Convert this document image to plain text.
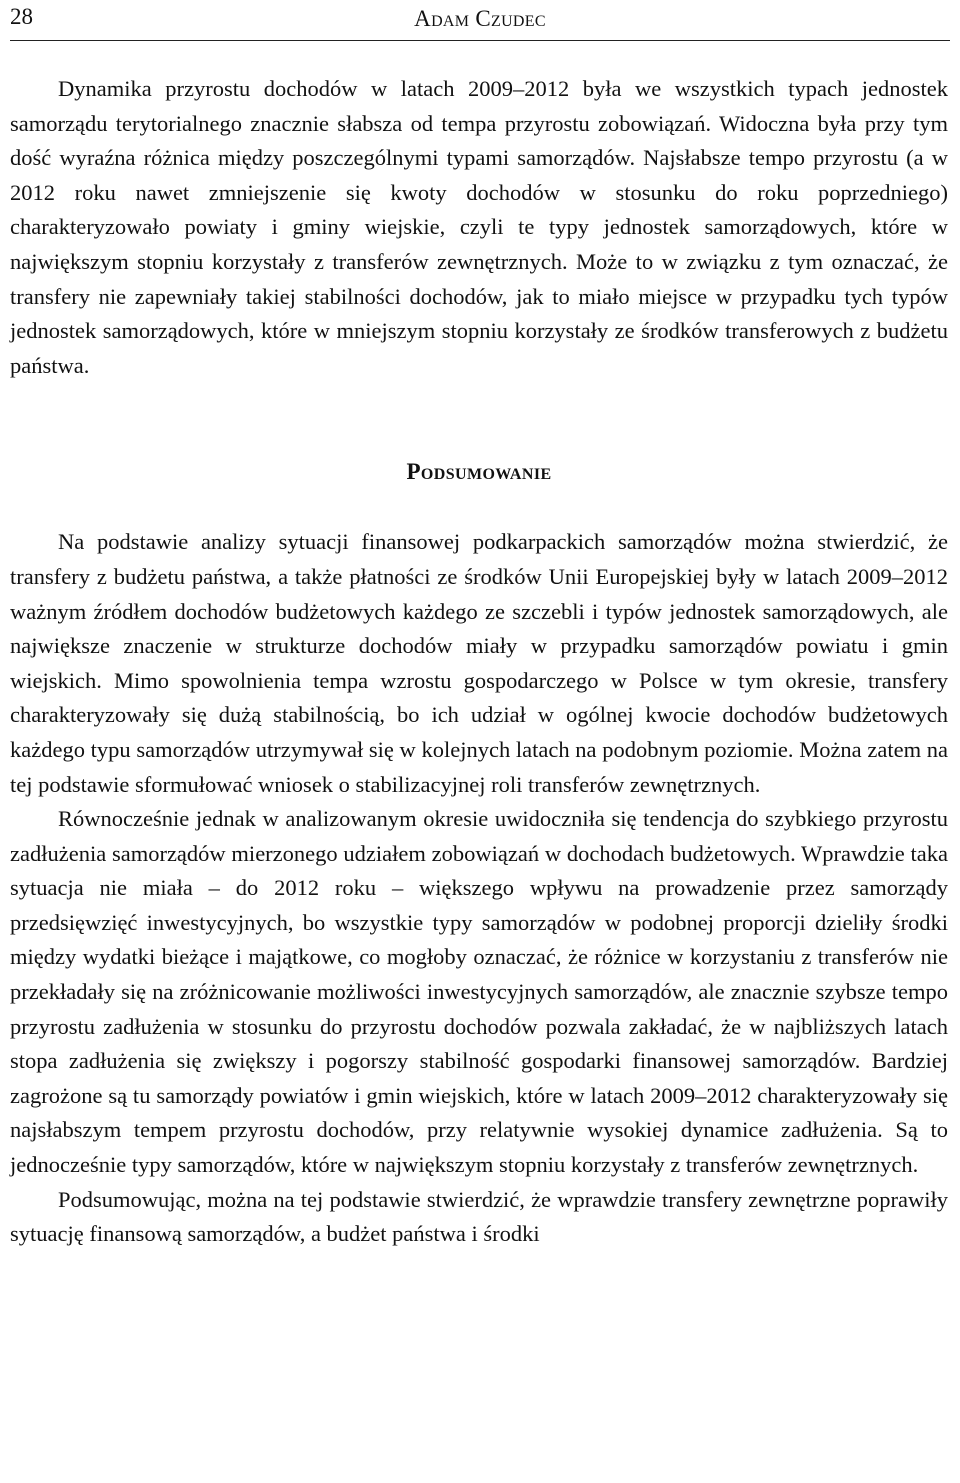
28	Adam Czudec

Dynamika przyrostu dochodów w latach 2009–2012 była we wszystkich typach jednostek samorządu terytorialnego znacznie słabsza od tempa przyrostu zobowiązań. Widoczna była przy tym dość wyraźna różnica między poszczególnymi typami samorządów. Najsłabsze tempo przyrostu (a w 2012 roku nawet zmniejszenie się kwoty dochodów w stosunku do roku poprzedniego) charakteryzowało powiaty i gminy wiejskie, czyli te typy jednostek samorządowych, które w największym stopniu korzystały z transferów zewnętrznych. Może to w związku z tym oznaczać, że transfery nie zapewniały takiej stabilności dochodów, jak to miało miejsce w przypadku tych typów jednostek samorządowych, które w mniejszym stopniu korzystały ze środków transferowych z budżetu państwa.

Podsumowanie

Na podstawie analizy sytuacji finansowej podkarpackich samorządów można stwierdzić, że transfery z budżetu państwa, a także płatności ze środków Unii Europejskiej były w latach 2009–2012 ważnym źródłem dochodów budżetowych każdego ze szczebli i typów jednostek samorządowych, ale największe znaczenie w strukturze dochodów miały w przypadku samorządów powiatu i gmin wiejskich. Mimo spowolnienia tempa wzrostu gospodarczego w Polsce w tym okresie, transfery charakteryzowały się dużą stabilnością, bo ich udział w ogólnej kwocie dochodów budżetowych każdego typu samorządów utrzymywał się w kolejnych latach na podobnym poziomie. Można zatem na tej podstawie sformułować wniosek o stabilizacyjnej roli transferów zewnętrznych.

Równocześnie jednak w analizowanym okresie uwidoczniła się tendencja do szybkiego przyrostu zadłużenia samorządów mierzonego udziałem zobowiązań w dochodach budżetowych. Wprawdzie taka sytuacja nie miała – do 2012 roku – większego wpływu na prowadzenie przez samorządy przedsięwzięć inwestycyjnych, bo wszystkie typy samorządów w podobnej proporcji dzieliły środki między wydatki bieżące i majątkowe, co mogłoby oznaczać, że różnice w korzystaniu z transferów nie przekładały się na zróżnicowanie możliwości inwestycyjnych samorządów, ale znacznie szybsze tempo przyrostu zadłużenia w stosunku do przyrostu dochodów pozwala zakładać, że w najbliższych latach stopa zadłużenia się zwiększy i pogorszy stabilność gospodarki finansowej samorządów. Bardziej zagrożone są tu samorządy powiatów i gmin wiejskich, które w latach 2009–2012 charakteryzowały się najsłabszym tempem przyrostu dochodów, przy relatywnie wysokiej dynamice zadłużenia. Są to jednocześnie typy samorządów, które w największym stopniu korzystały z transferów zewnętrznych.

Podsumowując, można na tej podstawie stwierdzić, że wprawdzie transfery zewnętrzne poprawiły sytuację finansową samorządów, a budżet państwa i środki
